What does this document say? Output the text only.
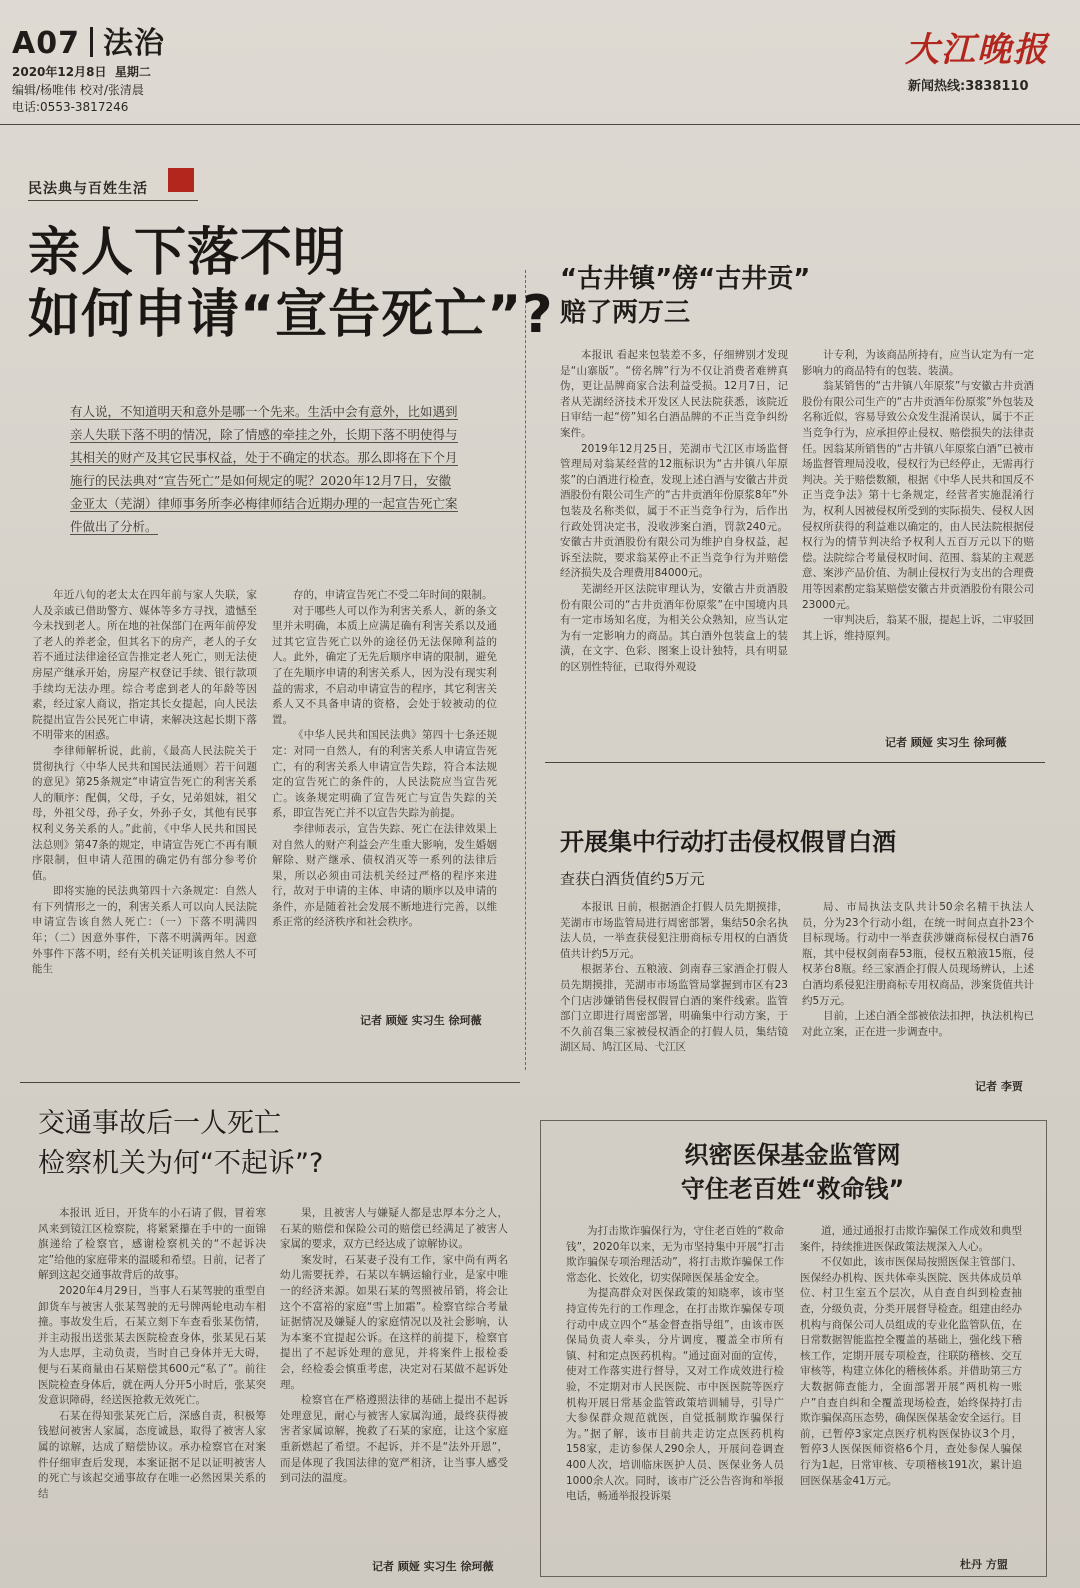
A07 法治
2020年12月8日 星期二
编辑/杨唯伟 校对/张清晨
电话:0553-3817246
大江晚报
新闻热线:3838110
民法典与百姓生活
亲人下落不明
如何申请“宣告死亡”?
有人说，不知道明天和意外是哪一个先来。生活中会有意外，比如遇到亲人失联下落不明的情况，除了情感的牵挂之外，长期下落不明使得与其相关的财产及其它民事权益，处于不确定的状态。那么即将在下个月施行的民法典对“宣告死亡”是如何规定的呢？2020年12月7日，安徽金亚太（芜湖）律师事务所李必梅律师结合近期办理的一起宣告死亡案件做出了分析。

年近八旬的老太太在四年前与家人失联，家人及亲戚已借助警方、媒体等多方寻找，遗憾至今未找到老人。所在地的社保部门在两年前停发了老人的养老金，但其名下的房产，老人的子女若不通过法律途径宣告推定老人死亡，则无法使房屋产继承开始，房屋产权登记手续、银行款项手续均无法办理。综合考虑到老人的年龄等因素，经过家人商议，指定其长女提起，向人民法院提出宣告公民死亡申请，来解决这起长期下落不明带来的困惑。

李律师解析说，此前，《最高人民法院关于贯彻执行〈中华人民共和国民法通则〉若干问题的意见》第25条规定“申请宣告死亡的利害关系人的顺序：配偶，父母，子女，兄弟姐妹，祖父母，外祖父母，孙子女，外孙子女，其他有民事权利义务关系的人。”此前，《中华人民共和国民法总则》第47条的规定，申请宣告死亡不再有顺序限制，但申请人范围的确定仍有部分参考价值。

即将实施的民法典第四十六条规定：自然人有下列情形之一的，利害关系人可以向人民法院申请宣告该自然人死亡：（一）下落不明满四年；（二）因意外事件，下落不明满两年。因意外事件下落不明，经有关机关证明该自然人不可能生

存的，申请宣告死亡不受二年时间的限制。

对于哪些人可以作为利害关系人，新的条文里并未明确，本质上应满足确有利害关系以及通过其它宣告死亡以外的途径仍无法保障利益的人。此外，确定了无先后顺序申请的限制，避免了在先顺序申请的利害关系人，因为没有现实利益的需求，不启动申请宣告的程序，其它利害关系人又不具备申请的资格，会处于较被动的位置。

《中华人民共和国民法典》第四十七条还规定：对同一自然人，有的利害关系人申请宣告死亡，有的利害关系人申请宣告失踪，符合本法规定的宣告死亡的条件的，人民法院应当宣告死亡。该条规定明确了宣告死亡与宣告失踪的关系，即宣告死亡并不以宣告失踪为前提。

李律师表示，宣告失踪、死亡在法律效果上对自然人的财产利益会产生重大影响，发生婚姻解除、财产继承、债权消灭等一系列的法律后果，所以必须由司法机关经过严格的程序来进行，故对于申请的主体、申请的顺序以及申请的条件，亦是随着社会发展不断地进行完善，以维系正常的经济秩序和社会秩序。

记者 顾娅 实习生 徐珂薇
“古井镇”傍“古井贡”
赔了两万三

本报讯 看起来包装差不多，仔细辨别才发现是“山寨版”。“傍名牌”行为不仅让消费者难辨真伪，更让品牌商家合法利益受损。12月7日，记者从芜湖经济技术开发区人民法院获悉，该院近日审结一起“傍”知名白酒品牌的不正当竞争纠纷案件。

2019年12月25日，芜湖市弋江区市场监督管理局对翁某经营的12瓶标识为“古井镇八年原浆”的白酒进行检查，发现上述白酒与安徽古井贡酒股份有限公司生产的“古井贡酒年份原浆8年”外包装及名称类似，属于不正当竞争行为，后作出行政处罚决定书，没收涉案白酒，罚款240元。安徽古井贡酒股份有限公司为维护自身权益，起诉至法院，要求翁某停止不正当竞争行为并赔偿经济损失及合理费用84000元。

芜湖经开区法院审理认为，安徽古井贡酒股份有限公司的“古井贡酒年份原浆”在中国境内具有一定市场知名度，为相关公众熟知，应当认定为有一定影响力的商品。其白酒外包装盒上的装潢，在文字、色彩、图案上设计独特，具有明显的区别性特征，已取得外观设

计专利，为该商品所持有，应当认定为有一定影响力的商品特有的包装、装潢。

翁某销售的“古井镇八年原浆”与安徽古井贡酒股份有限公司生产的“古井贡酒年份原浆”外包装及名称近似，容易导致公众发生混淆误认，属于不正当竞争行为，应承担停止侵权、赔偿损失的法律责任。因翁某所销售的“古井镇八年原浆白酒”已被市场监督管理局没收，侵权行为已经停止，无需再行判决。关于赔偿数额，根据《中华人民共和国反不正当竞争法》第十七条规定，经营者实施混淆行为，权利人因被侵权所受到的实际损失、侵权人因侵权所获得的利益难以确定的，由人民法院根据侵权行为的情节判决给予权利人五百万元以下的赔偿。法院综合考量侵权时间、范围、翁某的主观恶意、案涉产品价值、为制止侵权行为支出的合理费用等因素酌定翁某赔偿安徽古井贡酒股份有限公司23000元。

一审判决后，翁某不服，提起上诉，二审驳回其上诉，维持原判。

记者 顾娅 实习生 徐珂薇
开展集中行动打击侵权假冒白酒
查获白酒货值约5万元

本报讯 日前，根据酒企打假人员先期摸排，芜湖市市场监管局进行周密部署，集结50余名执法人员，一举查获侵犯注册商标专用权的白酒货值共计约5万元。

根据茅台、五粮液、剑南春三家酒企打假人员先期摸排，芜湖市市场监管局掌握到市区有23个门店涉嫌销售侵权假冒白酒的案件线索。监管部门立即进行周密部署，明确集中行动方案，于不久前召集三家被侵权酒企的打假人员，集结镜湖区局、鸠江区局、弋江区

局、市局执法支队共计50余名精干执法人员，分为23个行动小组，在统一时间点直扑23个目标现场。行动中一举查获涉嫌商标侵权白酒76瓶，其中侵权剑南春53瓶，侵权五粮液15瓶，侵权茅台8瓶。经三家酒企打假人员现场辨认，上述白酒均系侵犯注册商标专用权商品，涉案货值共计约5万元。

目前，上述白酒全部被依法扣押，执法机构已对此立案，正在进一步调查中。

记者 李贾
交通事故后一人死亡
检察机关为何“不起诉”?

本报讯 近日，开货车的小石请了假，冒着寒风来到镜江区检察院，将紧紧攥在手中的一面锦旗递给了检察官，感谢检察机关的“不起诉决定”给他的家庭带来的温暖和希望。日前，记者了解到这起交通事故背后的故事。

2020年4月29日，当事人石某驾驶的重型自卸货车与被害人张某驾驶的无号牌两轮电动车相撞。事故发生后，石某立刻下车查看张某伤情，并主动报出送张某去医院检查身体，张某见石某为人忠厚，主动负责，当时自己身体并无大碍，便与石某商量由石某赔偿其600元“私了”。前往医院检查身体后，就在两人分开5小时后，张某突发意识障碍，经送医抢救无效死亡。

石某在得知张某死亡后，深感自责，积极筹钱慰问被害人家属，态度诚恳，取得了被害人家属的谅解，达成了赔偿协议。承办检察官在对案件仔细审查后发现，本案证据不足以证明被害人的死亡与该起交通事故存在唯一必然因果关系的结

果，且被害人与嫌疑人都是忠厚本分之人，石某的赔偿和保险公司的赔偿已经满足了被害人家属的要求，双方已经达成了谅解协议。

案发时，石某妻子没有工作，家中尚有两名幼儿需要抚养，石某以车辆运输行业，是家中唯一的经济来源。如果石某的驾照被吊销，将会让这个不富裕的家庭“雪上加霜”。检察官综合考量证据情况及嫌疑人的家庭情况以及社会影响，认为本案不宜提起公诉。在这样的前提下，检察官提出了不起诉处理的意见，并将案件上报检委会，经检委会慎重考虑，决定对石某做不起诉处理。

检察官在严格遵照法律的基础上提出不起诉处理意见，耐心与被害人家属沟通，最终获得被害者家属谅解，挽救了石某的家庭，让这个家庭重新燃起了希望。不起诉，并不是“法外开恩”，而是体现了我国法律的宽严相济，让当事人感受到司法的温度。

记者 顾娅 实习生 徐珂薇
织密医保基金监管网
守住老百姓“救命钱”

为打击欺诈骗保行为，守住老百姓的“救命钱”，2020年以来，无为市坚持集中开展“打击欺诈骗保专项治理活动”，将打击欺诈骗保工作常态化、长效化，切实保障医保基金安全。

为提高群众对医保政策的知晓率，该市坚持宣传先行的工作理念，在打击欺诈骗保专项行动中成立四个“基金督查指导组”，由该市医保局负责人牵头，分片调度，覆盖全市所有镇、村和定点医药机构。“通过面对面的宣传，使对工作落实进行督导，又对工作成效进行检验，不定期对市人民医院、市中医医院等医疗机构开展日常基金监管政策培训辅导，引导广大参保群众规范就医，自觉抵制欺诈骗保行为。”据了解，该市目前共走访定点医药机构158家，走访参保人290余人，开展问卷调查400人次，培训临床医护人员、医保业务人员1000余人次。同时，该市广泛公告咨询和举报电话，畅通举报投诉渠

道，通过通报打击欺诈骗保工作成效和典型案件，持续推进医保政策法规深入人心。

不仅如此，该市医保局按照医保主管部门、医保经办机构、医共体牵头医院、医共体成员单位、村卫生室五个层次，从自查自纠到检查抽查，分级负责，分类开展督导检查。组建由经办机构与商保公司人员组成的专业化监管队伍，在日常数据智能监控全覆盖的基础上，强化线下稽核工作，定期开展专项检查，往联防稽核、交互审核等，构建立体化的稽核体系。并借助第三方大数据筛查能力，全面部署开展“两机构一账户”自查自纠和全覆盖现场检查，始终保持打击欺诈骗保高压态势，确保医保基金安全运行。目前，已暂停3家定点医疗机构医保协议3个月，暂停3人医保医师资格6个月，查处参保人骗保行为1起，日常审核、专项稽核191次，累计追回医保基金41万元。

杜丹 方盟
